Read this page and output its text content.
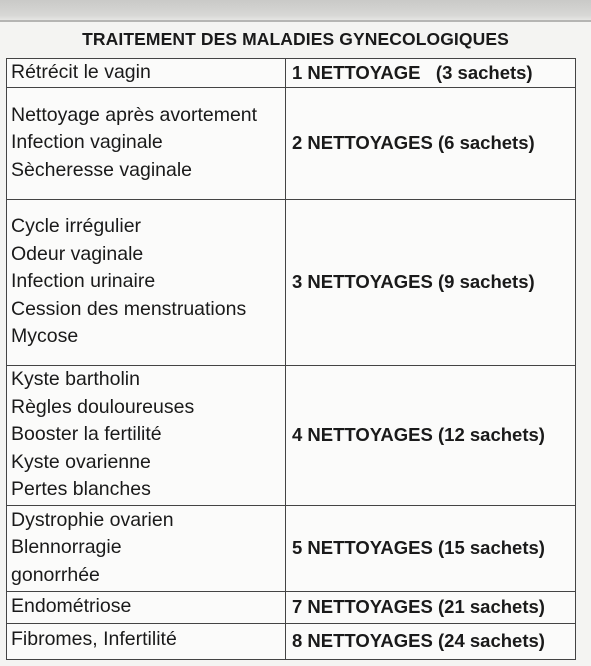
TRAITEMENT DES MALADIES GYNECOLOGIQUES
Rétrécit le vagin	1 NETTOYAGE   (3 sachets)

Nettoyage après avortement
Infection vaginale
Sècheresse vaginale	2 NETTOYAGES (6 sachets)

Cycle irrégulier
Odeur vaginale
Infection urinaire
Cession des menstruations
Mycose	3 NETTOYAGES (9 sachets)

Kyste bartholin
Règles douloureuses
Booster la fertilité
Kyste ovarienne
Pertes blanches	4 NETTOYAGES (12 sachets)

Dystrophie ovarien
Blennorragie
gonorrhée	5 NETTOYAGES (15 sachets)

Endométriose	7 NETTOYAGES (21 sachets)

Fibromes, Infertilité	8 NETTOYAGES (24 sachets)
